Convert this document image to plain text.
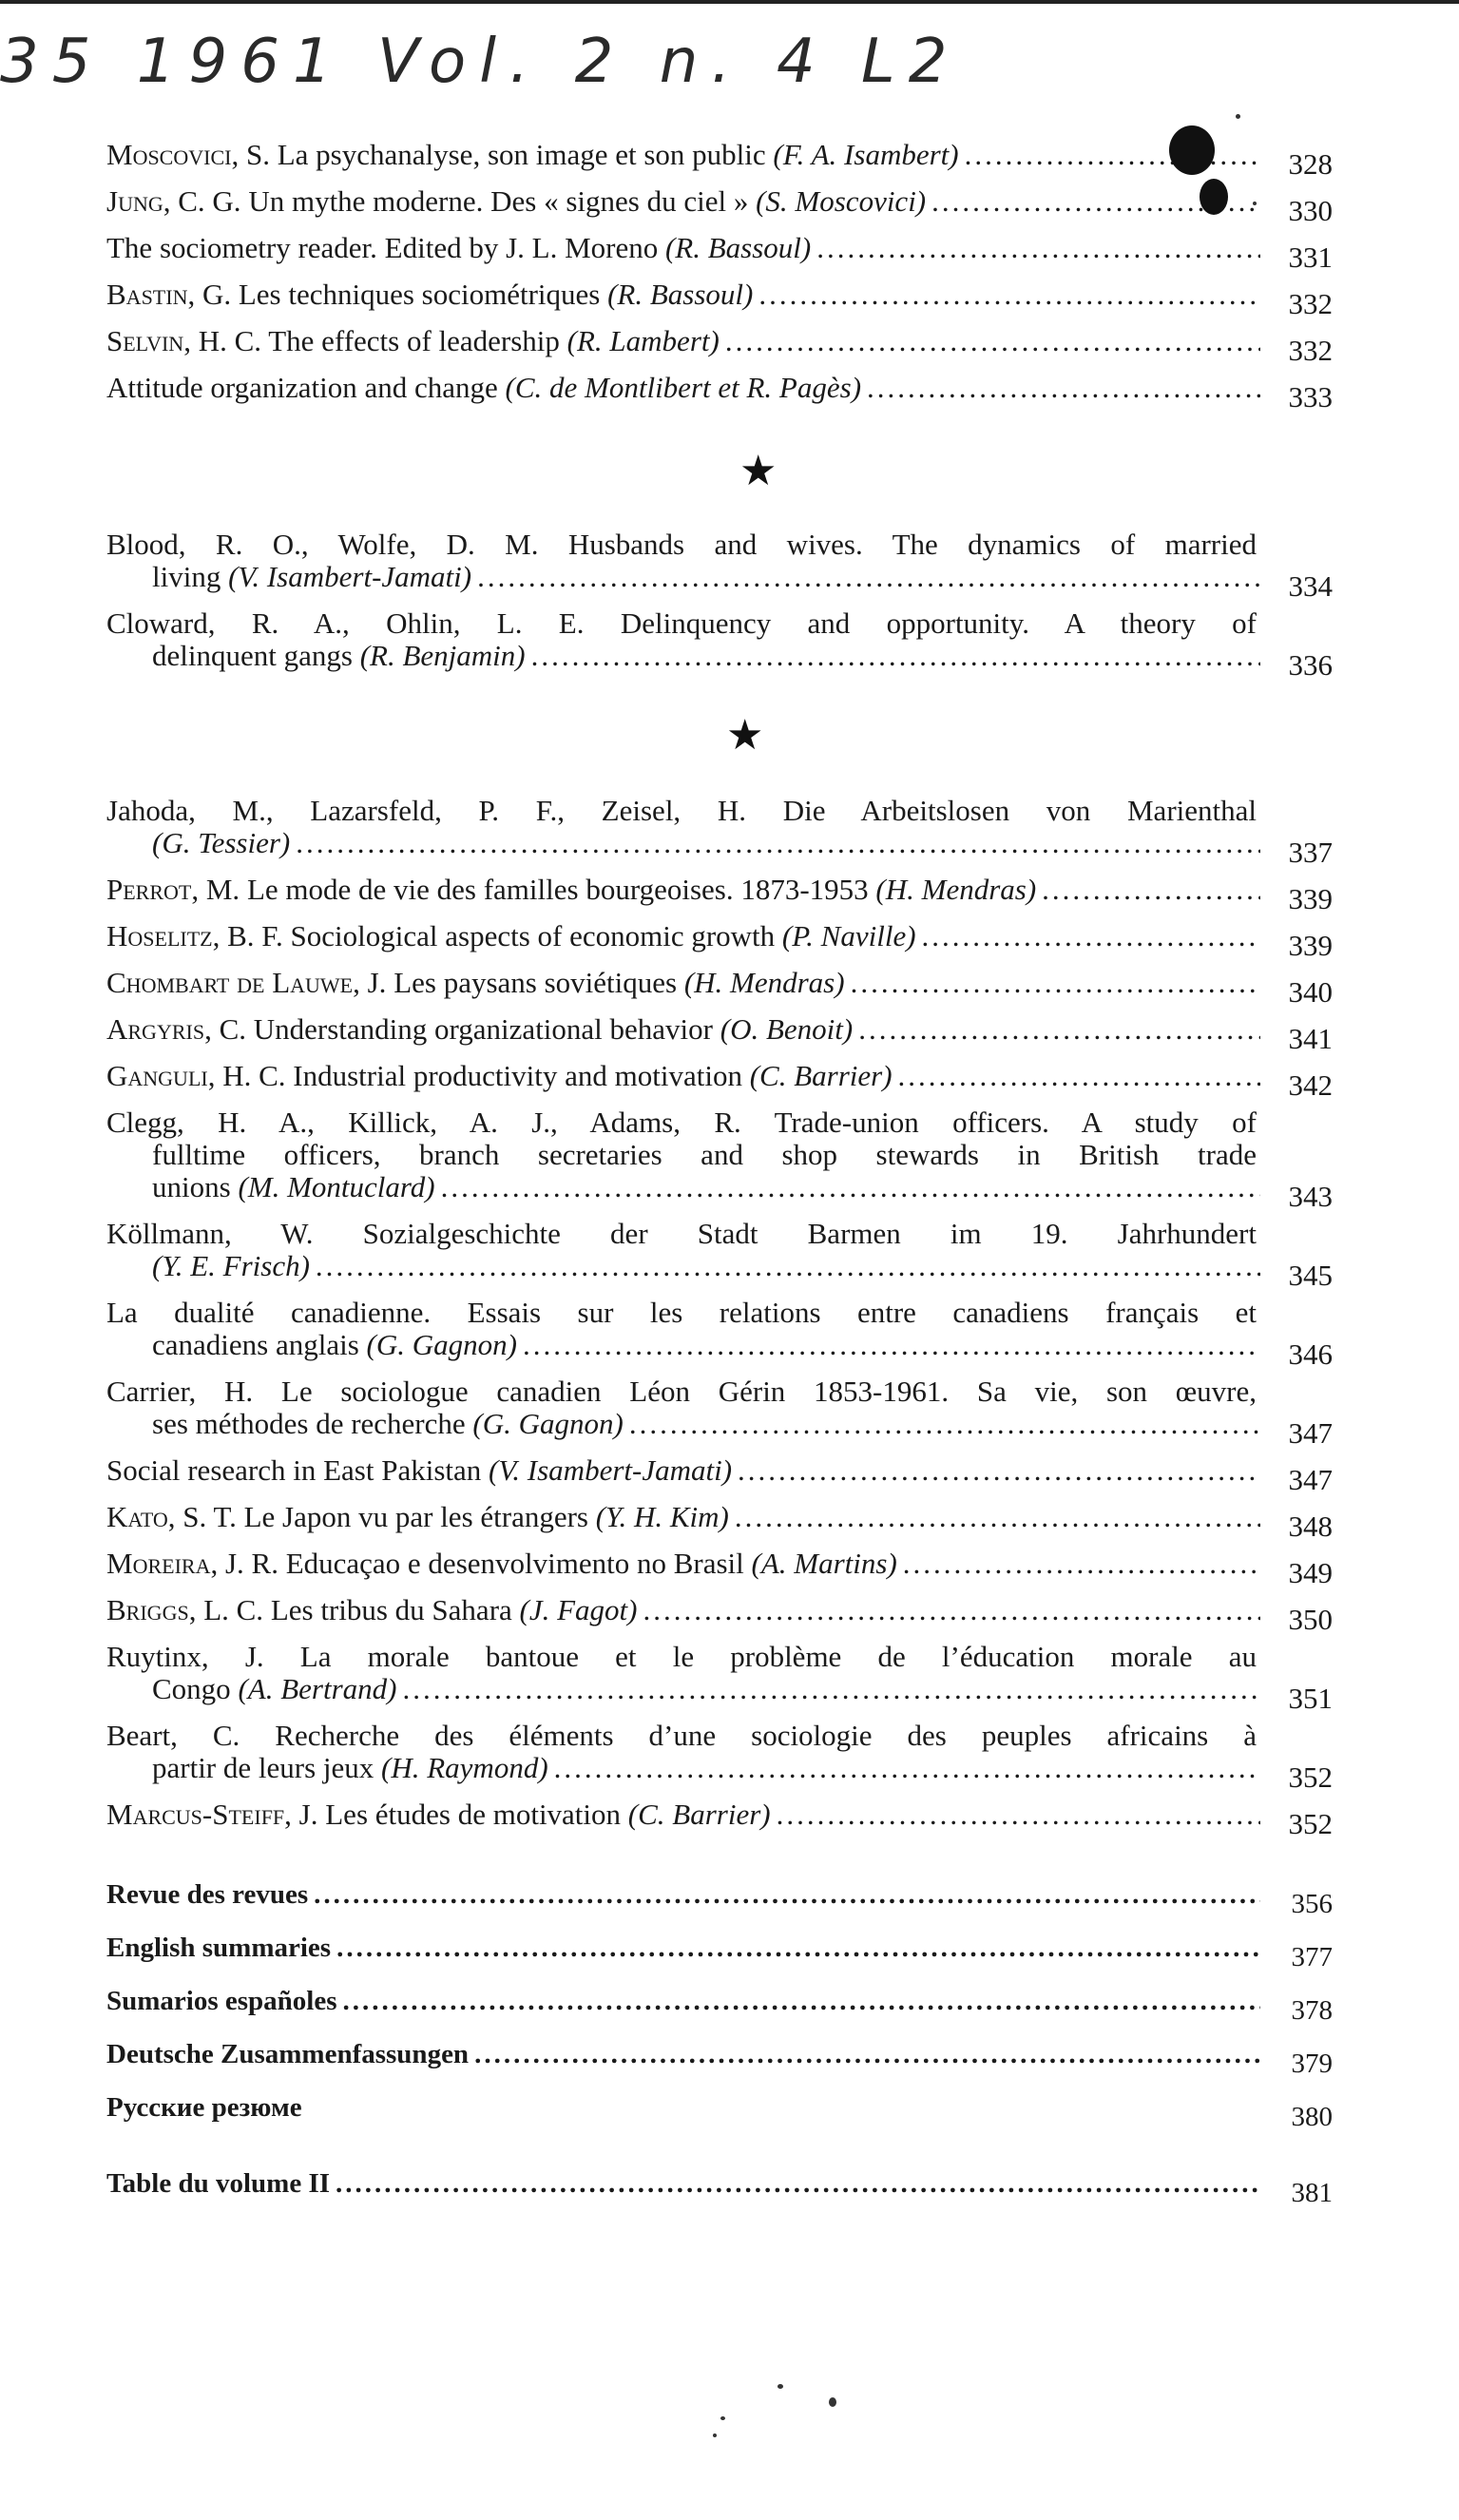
35 1961 Vol. 2 n. 4 L2
Moscovici, S. La psychanalyse, son image et son public (F. A. Isambert) .....	328
Jung, C. G. Un mythe moderne. Des « signes du ciel » (S. Moscovici) .....	330
The sociometry reader. Edited by J. L. Moreno (R. Bassoul) .....	331
Bastin, G. Les techniques sociométriques (R. Bassoul) .....	332
Selvin, H. C. The effects of leadership (R. Lambert) .....	332
Attitude organization and change (C. de Montlibert et R. Pagès) .....	333
★
Blood, R. O., Wolfe, D. M. Husbands and wives. The dynamics of married
living (V. Isambert-Jamati) .....	334
Cloward, R. A., Ohlin, L. E. Delinquency and opportunity. A theory of
delinquent gangs (R. Benjamin) .....	336
★
Jahoda, M., Lazarsfeld, P. F., Zeisel, H. Die Arbeitslosen von Marienthal
(G. Tessier) .....	337
Perrot, M. Le mode de vie des familles bourgeoises. 1873-1953 (H. Mendras) .....	339
Hoselitz, B. F. Sociological aspects of economic growth (P. Naville) .....	339
Chombart de Lauwe, J. Les paysans soviétiques (H. Mendras) .....	340
Argyris, C. Understanding organizational behavior (O. Benoit) .....	341
Ganguli, H. C. Industrial productivity and motivation (C. Barrier) .....	342
Clegg, H. A., Killick, A. J., Adams, R. Trade-union officers. A study of
fulltime officers, branch secretaries and shop stewards in British trade
unions (M. Montuclard) .....	343
Köllmann, W. Sozialgeschichte der Stadt Barmen im 19. Jahrhundert
(Y. E. Frisch) .....	345
La dualité canadienne. Essais sur les relations entre canadiens français et
canadiens anglais (G. Gagnon) .....	346
Carrier, H. Le sociologue canadien Léon Gérin 1853-1961. Sa vie, son œuvre,
ses méthodes de recherche (G. Gagnon) .....	347
Social research in East Pakistan (V. Isambert-Jamati) .....	347
Kato, S. T. Le Japon vu par les étrangers (Y. H. Kim) .....	348
Moreira, J. R. Educaçao e desenvolvimento no Brasil (A. Martins) .....	349
Briggs, L. C. Les tribus du Sahara (J. Fagot) .....	350
Ruytinx, J. La morale bantoue et le problème de l’éducation morale au
Congo (A. Bertrand) .....	351
Beart, C. Recherche des éléments d’une sociologie des peuples africains à
partir de leurs jeux (H. Raymond) .....	352
Marcus-Steiff, J. Les études de motivation (C. Barrier) .....	352
Revue des revues .....	356
English summaries .....	377
Sumarios españoles .....	378
Deutsche Zusammenfassungen .....	379
Русские резюме	380
Table du volume II .....	381
